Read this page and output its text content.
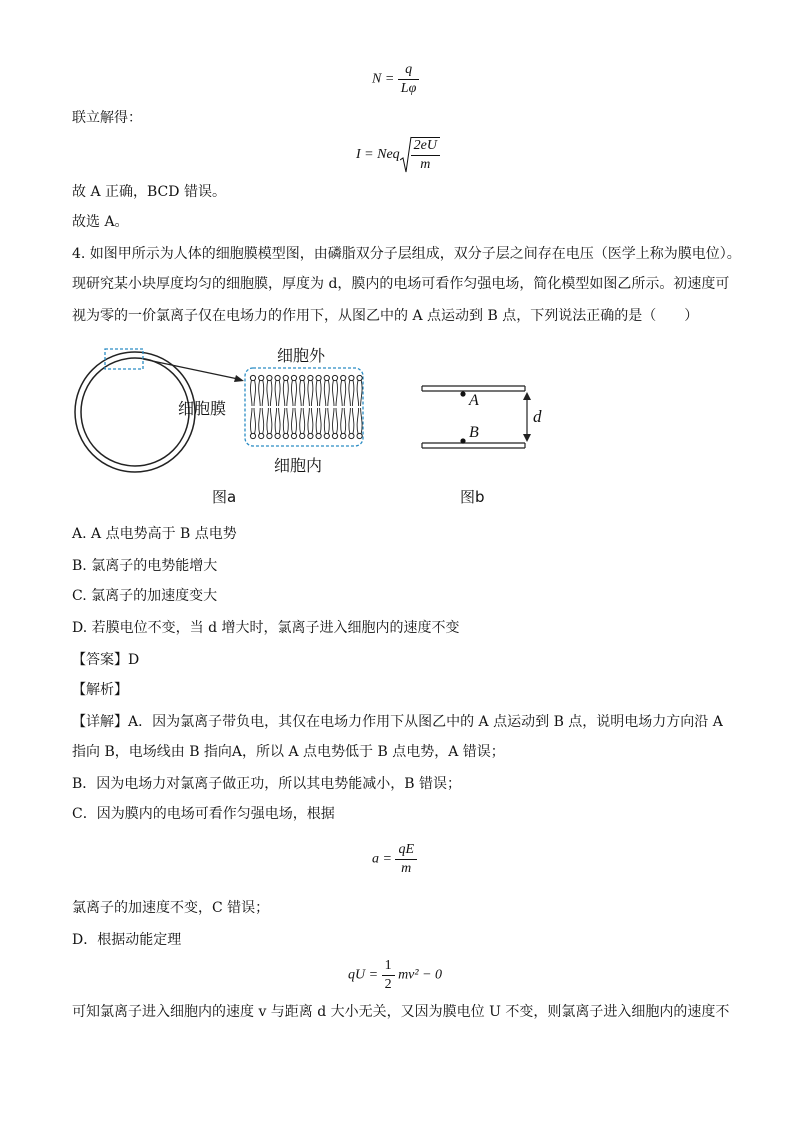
$N = \frac{q}{L\varphi}$
联立解得：
I = Neq $\frac{2eU}{m}$
故 A 正确，BCD 错误。
故选 A。
4. 如图甲所示为人体的细胞膜模型图，由磷脂双分子层组成，双分子层之间存在电压（医学上称为膜电位）。
现研究某小块厚度均匀的细胞膜，厚度为 d，膜内的电场可看作匀强电场，简化模型如图乙所示。初速度可
视为零的一价氯离子仅在电场力的作用下，从图乙中的 A 点运动到 B 点，下列说法正确的是（　　）
细胞外
细胞膜
细胞内
图a	图b
A
B
d
A. A 点电势高于 B 点电势
B. 氯离子的电势能增大
C. 氯离子的加速度变大
D. 若膜电位不变，当 d 增大时，氯离子进入细胞内的速度不变
【答案】D
【解析】
【详解】A．因为氯离子带负电，其仅在电场力作用下从图乙中的 A 点运动到 B 点，说明电场力方向沿 A
指向 B，电场线由 B 指向A，所以 A 点电势低于 B 点电势，A 错误；
B．因为电场力对氯离子做正功，所以其电势能减小，B 错误；
C．因为膜内的电场可看作匀强电场，根据
$a = \frac{qE}{m}$
氯离子的加速度不变，C 错误；
D．根据动能定理
qU = $\frac{1}{2} mv^2 - 0$
可知氯离子进入细胞内的速度 v 与距离 d 大小无关，又因为膜电位 U 不变，则氯离子进入细胞内的速度不
